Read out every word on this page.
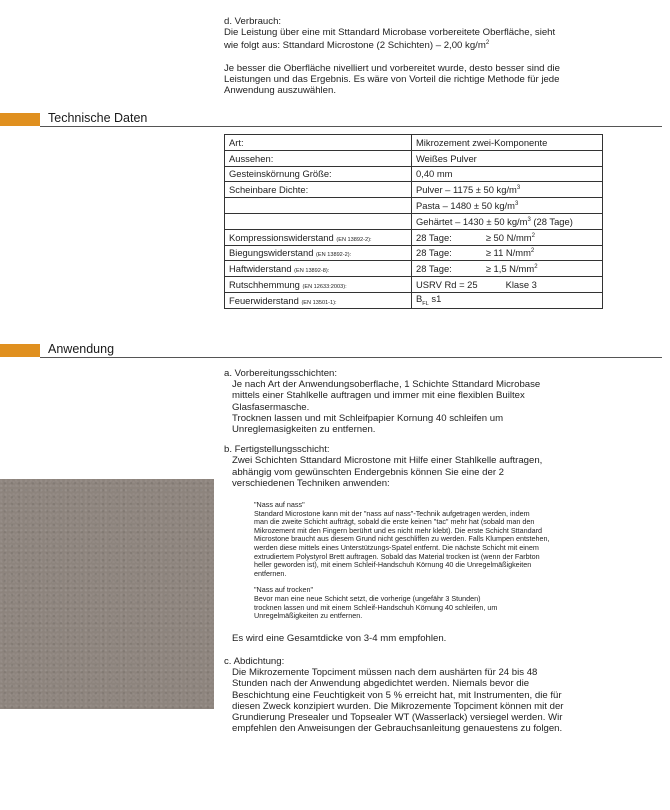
d. Verbrauch:

Die Leistung über eine mit Sttandard Microbase vorbereitete Oberfläche, sieht

wie folgt aus: Sttandard Microstone (2 Schichten) – 2,00 $kg/m^2$

Je besser die Oberfläche nivelliert und vorbereitet wurde, desto besser sind die

Leistungen und das Ergebnis. Es wäre von Vorteil die richtige Methode für jede

Anwendung auszuwählen.

Technische Daten
Art:	Mikrozement zwei-Komponente
Aussehen:	Weißes Pulver
Gesteinskörnung Größe:	0,40 mm
Scheinbare Dichte:	Pulver – 1175 ± 50 $kg/m^3$
	Pasta – 1480 ± 50 $kg/m^3$
	Gehärtet – 1430 ± 50 $kg/m^3$ (28 Tage)
Kompressionswiderstand (EN 13892-2):	28 Tage: ≥ 50 $N/mm^2$
Biegungswiderstand (EN 13892-2):	28 Tage: ≥ 11 $N/mm^2$
Haftwiderstand (EN 13892-8):	28 Tage: ≥ 1,5 $N/mm^2$
Rutschhemmung (EN 12633:2003):	USRV Rd = 25 Klase 3
Feuerwiderstand (EN 13501-1):	$B_{FL}$ s1
Anwendung

a. Vorbereitungsschichten:

Je nach Art der Anwendungsoberflache, 1 Schichte Sttandard Microbase

mittels einer Stahlkelle auftragen und immer mit eine flexiblen Builtex

Glasfasermasche.

Trocknen lassen und mit Schleifpapier Kornung 40 schleifen um

Unreglemasigkeiten zu entfernen.

b. Fertigstellungsschicht:

Zwei Schichten Sttandard Microstone mit Hilfe einer Stahlkelle auftragen,

abhängig vom gewünschten Endergebnis können Sie eine der 2

verschiedenen Techniken anwenden:

"Nass auf nass"

Standard Microstone kann mit der "nass auf nass"-Technik aufgetragen werden, indem

man die zweite Schicht aufträgt, sobald die erste keinen "tac" mehr hat (sobald man den

Mikrozement mit den Fingern berührt und es nicht mehr klebt). Die erste Schicht Sttandard

Microstone braucht aus diesem Grund nicht geschliffen zu werden. Falls Klumpen entstehen,

werden diese mittels eines Unterstützungs-Spatel entfernt. Die nächste Schicht mit einem

extrudiertem Polystyrol Brett auftragen. Sobald das Material trocken ist (wenn der Farbton

heller geworden ist), mit einem Schleif-Handschuh Körnung 40 die Unregelmäßigkeiten

entfernen.

"Nass auf trocken"

Bevor man eine neue Schicht setzt, die vorherige (ungefähr 3 Stunden)

trocknen lassen und mit einem Schleif-Handschuh Körnung 40 schleifen, um

Unregelmäßigkeiten zu entfernen.

Es wird eine Gesamtdicke von 3-4 mm empfohlen.

c. Abdichtung:

Die Mikrozemente Topciment müssen nach dem aushärten für 24 bis 48

Stunden nach der Anwendung abgedichtet werden. Niemals bevor die

Beschichtung eine Feuchtigkeit von 5 % erreicht hat, mit Instrumenten, die für

diesen Zweck konzipiert wurden. Die Mikrozemente Topciment können mit der

Grundierung Presealer und Topsealer WT (Wasserlack) versiegel werden. Wir

empfehlen den Anweisungen der Gebrauchsanleitung genauestens zu folgen.
